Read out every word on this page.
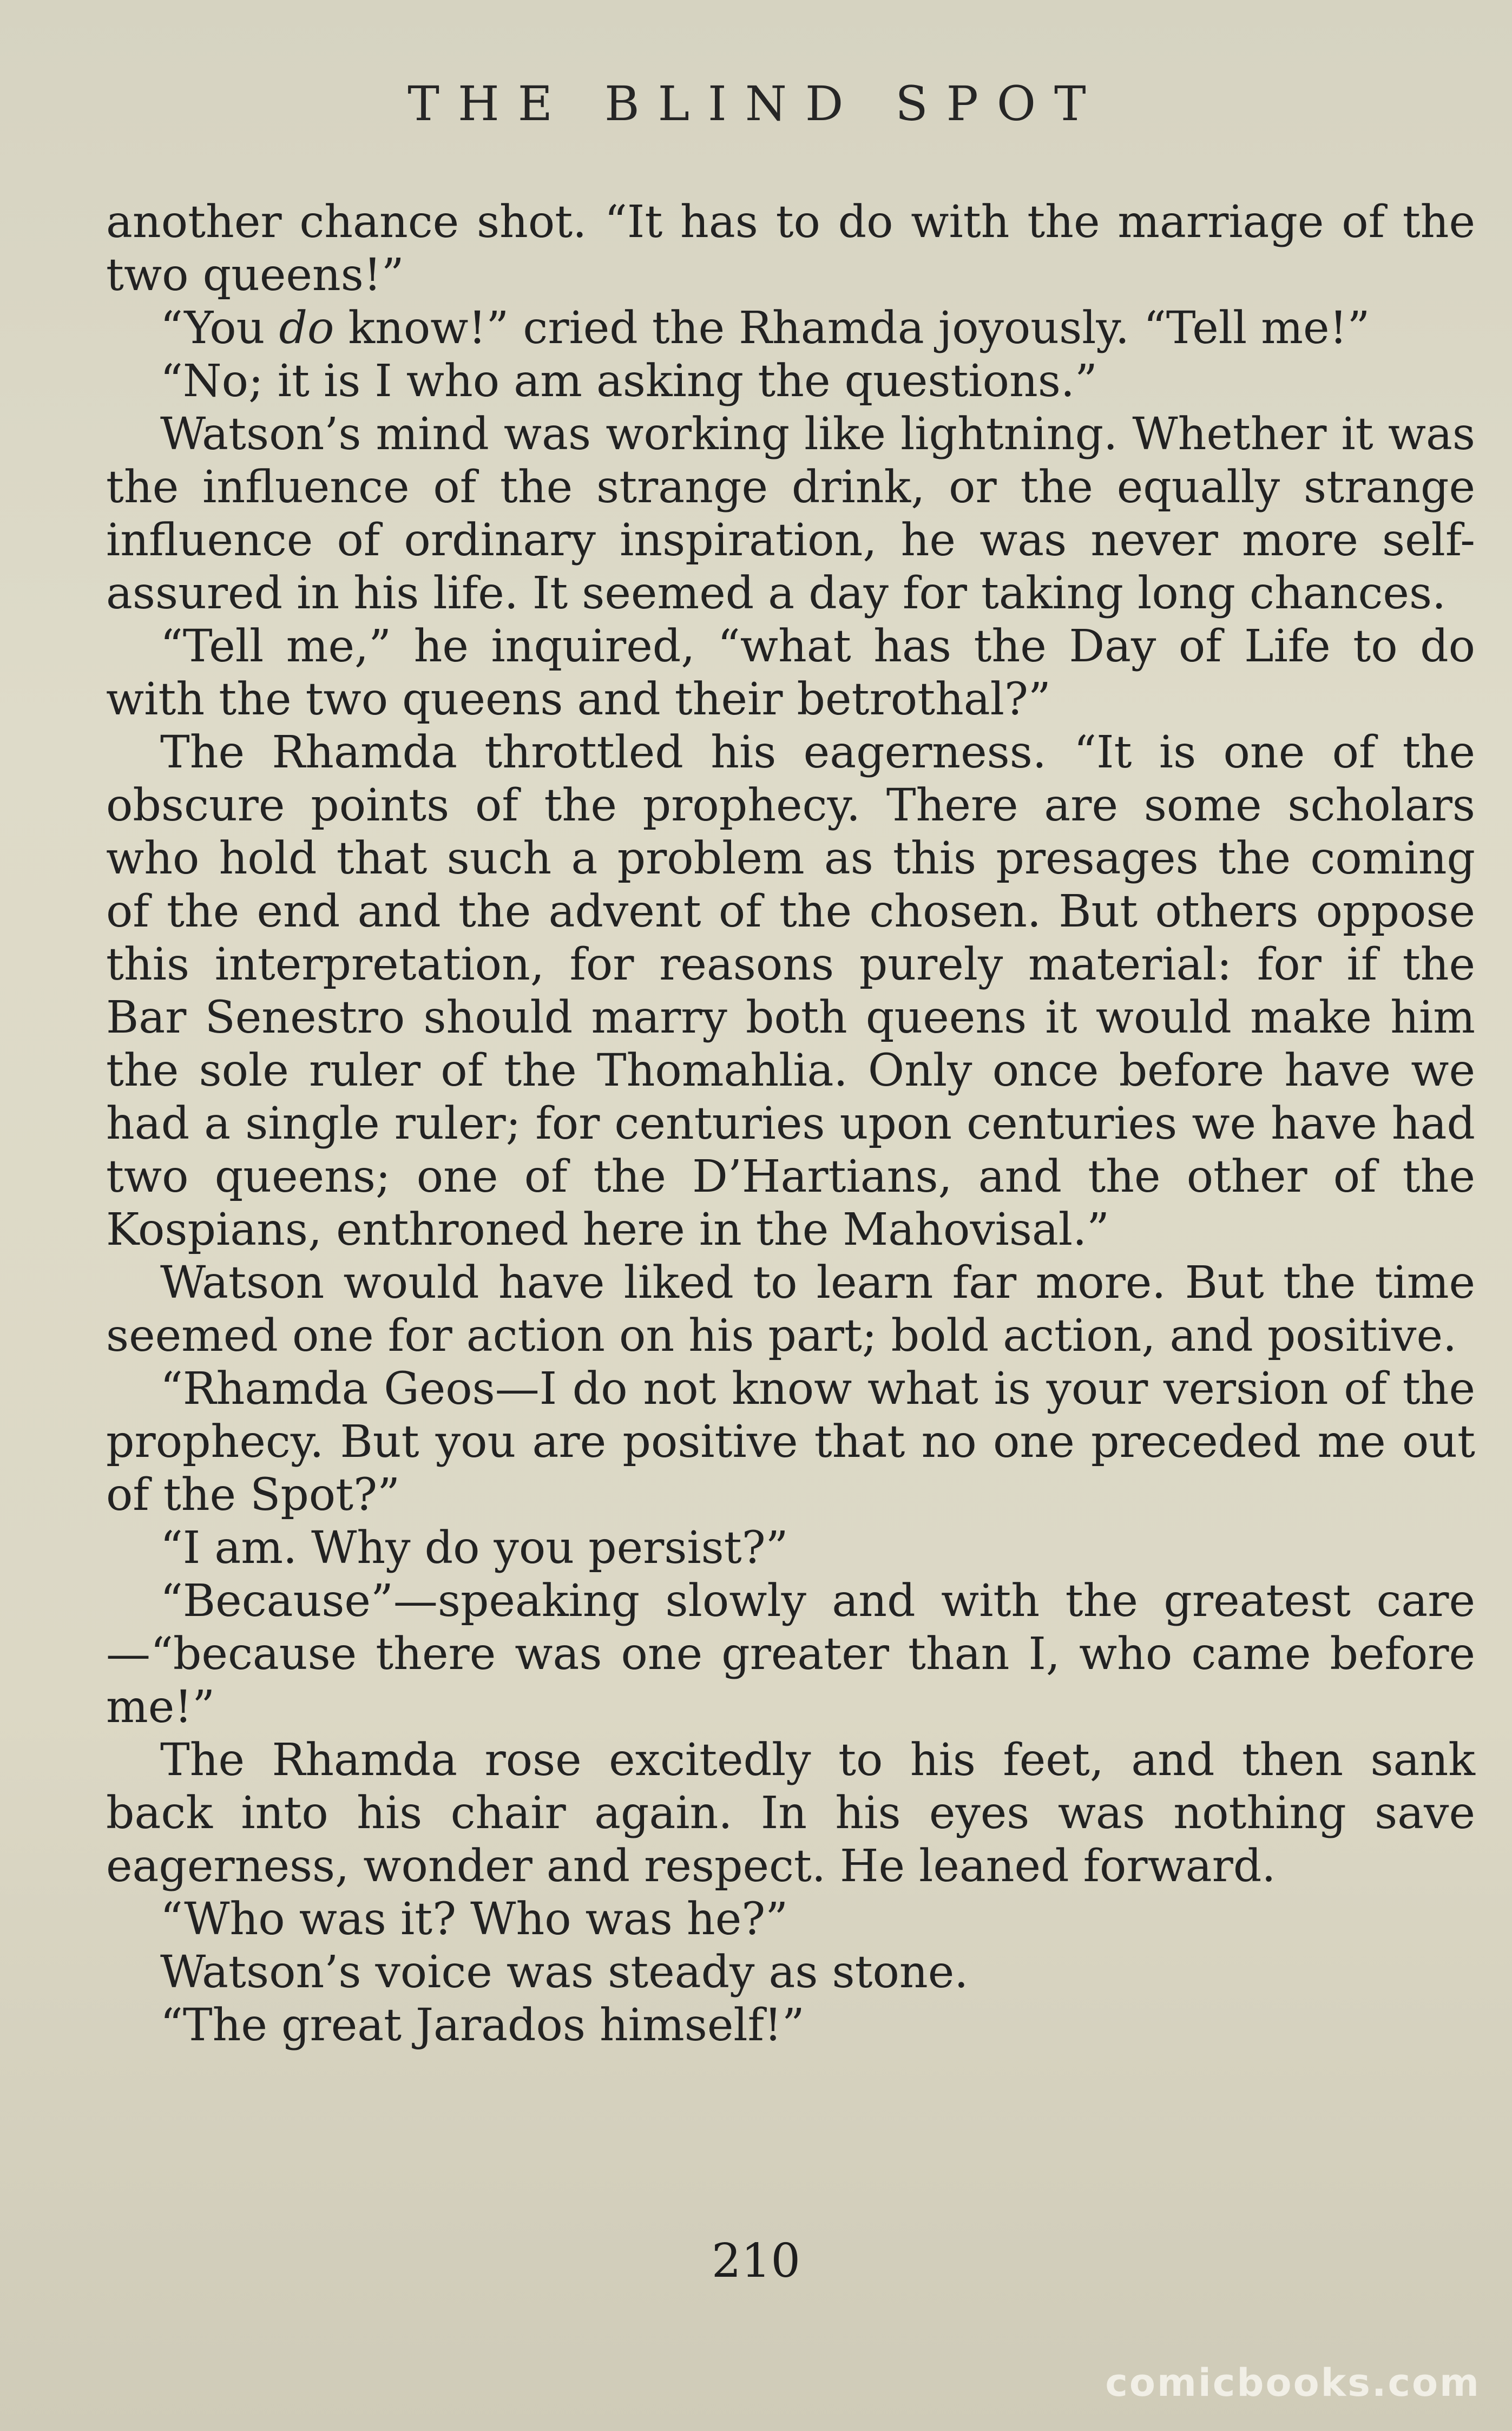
THE BLIND SPOT

another chance shot. “It has to do with the marriage of the two queens!”

“You do know!” cried the Rhamda joyously. “Tell me!”

“No; it is I who am asking the questions.”

Watson’s mind was working like lightning. Whether it was the influence of the strange drink, or the equally strange influence of ordinary inspiration, he was never more self-assured in his life. It seemed a day for taking long chances.

“Tell me,” he inquired, “what has the Day of Life to do with the two queens and their betrothal?”

The Rhamda throttled his eagerness. “It is one of the obscure points of the prophecy. There are some scholars who hold that such a problem as this presages the coming of the end and the advent of the chosen. But others oppose this interpretation, for reasons purely material: for if the Bar Senestro should marry both queens it would make him the sole ruler of the Thomahlia. Only once before have we had a single ruler; for centuries upon centuries we have had two queens; one of the D’Hartians, and the other of the Kospians, enthroned here in the Mahovisal.”

Watson would have liked to learn far more. But the time seemed one for action on his part; bold action, and positive.

“Rhamda Geos—I do not know what is your version of the prophecy. But you are positive that no one preceded me out of the Spot?”

“I am. Why do you persist?”

“Because”—speaking slowly and with the greatest care—“because there was one greater than I, who came before me!”

The Rhamda rose excitedly to his feet, and then sank back into his chair again. In his eyes was nothing save eagerness, wonder and respect. He leaned forward.

“Who was it? Who was he?”

Watson’s voice was steady as stone.

“The great Jarados himself!”

210
comicbooks.com
